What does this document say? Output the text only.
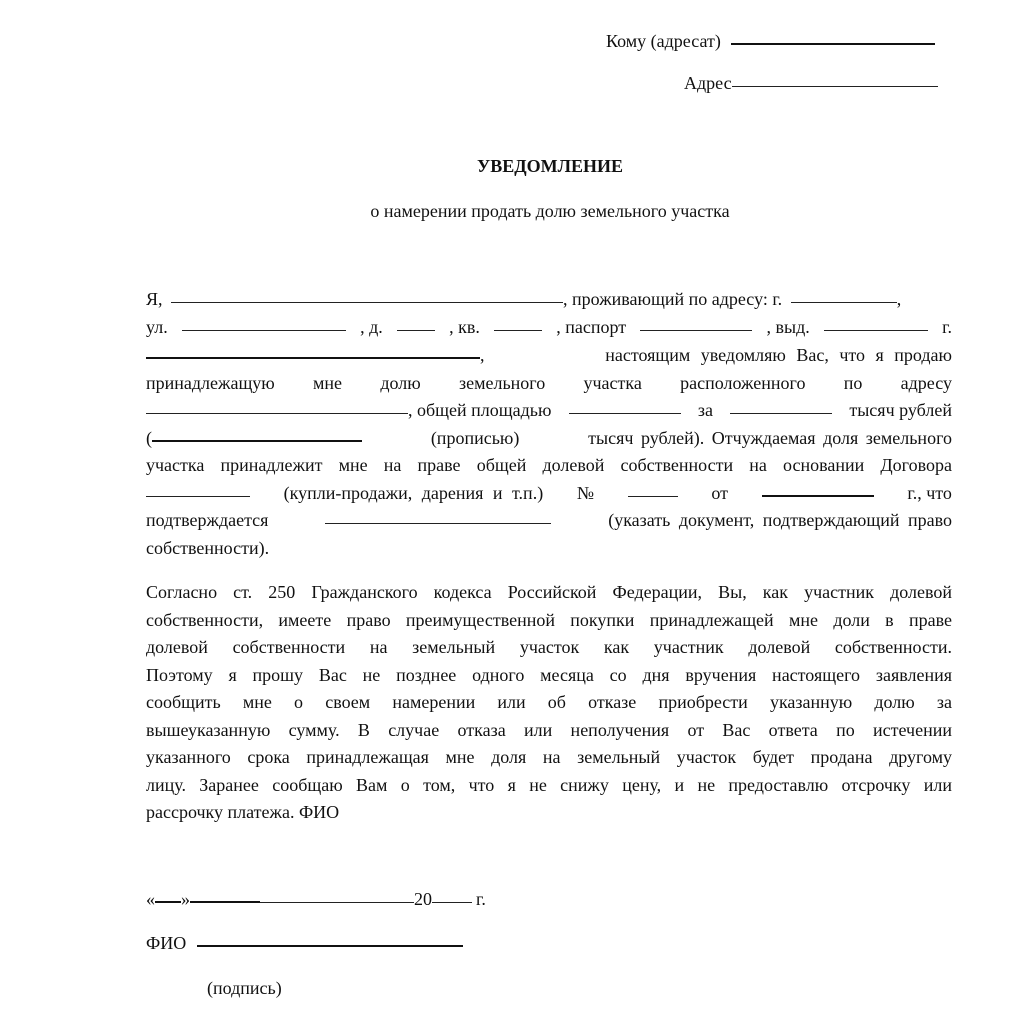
Кому (адресат)
Адрес
УВЕДОМЛЕНИЕ
о намерении продать долю земельного участка
Я,	, проживающий по адресу: г.	,
ул.	, д.	, кв.	, паспорт	, выд.	г.
,	настоящим уведомляю Вас, что я продаю
принадлежащую мне долю земельного участка расположенного по адресу
, общей площадью	за	тысяч рублей
(	(прописью)	тысяч рублей). Отчуждаемая доля земельного
участка принадлежит мне на праве общей долевой собственности на основании Договора
(купли-продажи, дарения и т.п.) №	от	г., что
подтверждается	(указать документ, подтверждающий право
собственности).
Согласно ст. 250 Гражданского кодекса Российской Федерации, Вы, как участник долевой
собственности, имеете право преимущественной покупки принадлежащей мне доли в праве
долевой собственности на земельный участок как участник долевой собственности.
Поэтому я прошу Вас не позднее одного месяца со дня вручения настоящего заявления
сообщить мне о своем намерении или об отказе приобрести указанную долю за
вышеуказанную сумму. В случае отказа или неполучения от Вас ответа по истечении
указанного срока принадлежащая мне доля на земельный участок будет продана другому
лицу. Заранее сообщаю Вам о том, что я не снижу цену, и не предоставлю отсрочку или
рассрочку платежа. ФИО
« »	20 г.
ФИО
(подпись)
